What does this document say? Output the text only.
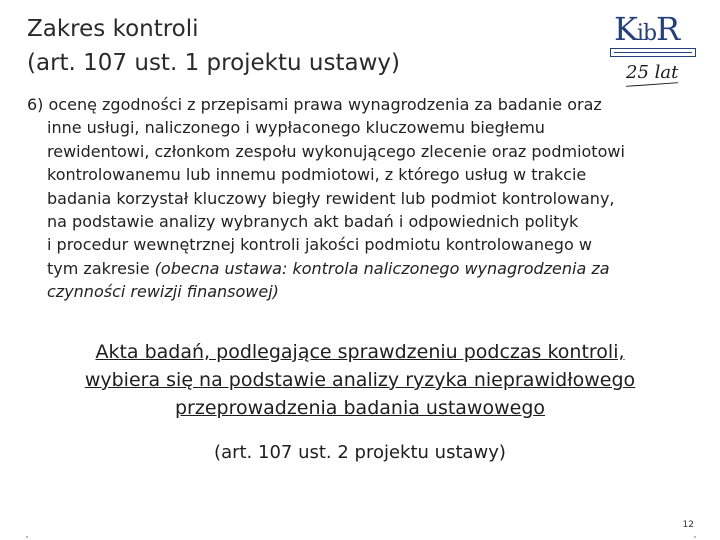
Zakres kontroli
(art. 107 ust. 1 projektu ustawy)
KibR
25 lat
6) ocenę zgodności z przepisami prawa wynagrodzenia za badanie oraz
inne usługi, naliczonego i wypłaconego kluczowemu biegłemu
rewidentowi, członkom zespołu wykonującego zlecenie oraz podmiotowi
kontrolowanemu lub innemu podmiotowi, z którego usług w trakcie
badania korzystał kluczowy biegły rewident lub podmiot kontrolowany,
na podstawie analizy wybranych akt badań i odpowiednich polityk
i procedur wewnętrznej kontroli jakości podmiotu kontrolowanego w
tym zakresie (obecna ustawa: kontrola naliczonego wynagrodzenia za
czynności rewizji finansowej)
Akta badań, podlegające sprawdzeniu podczas kontroli,
wybiera się na podstawie analizy ryzyka nieprawidłowego
przeprowadzenia badania ustawowego
(art. 107 ust. 2 projektu ustawy)
12
